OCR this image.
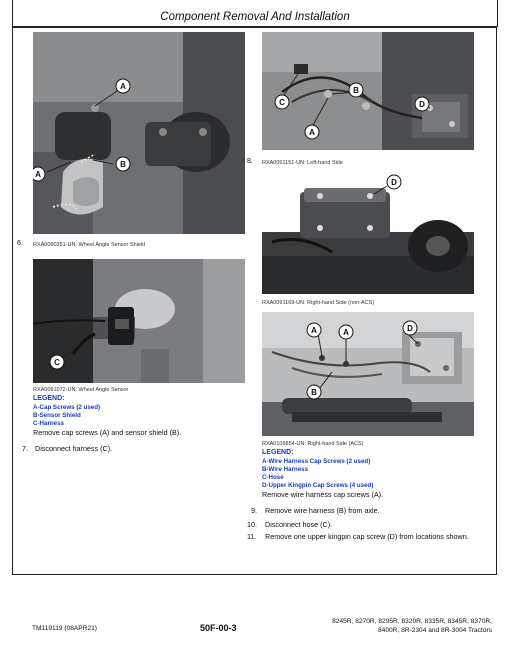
Component Removal And Installation
A
B
A
6. RXA0090351-UN: Wheel Angle Sensor Shield
C
RXA0091072-UN: Wheel Angle Sensor
LEGEND:
A-Cap Screws (2 used)
B-Sensor Shield
C-Harness
Remove cap screws (A) and sensor shield (B).
7. Disconnect harness (C).
C
B
A
D
8. RXA0091151-UN: Left-hand Side
D
RXA0091169-UN: Right-hand Side (non-ACS)
A	A	D
B
RXA0106854-UN: Right-hand Side (ACS)
LEGEND:
A-Wire Harness Cap Screws (2 used)
B-Wire Harness
C-Hose
D-Upper Kingpin Cap Screws (4 used)
Remove wire harness cap screws (A).
9. Remove wire harness (B) from axle.
10. Disconnect hose (C).
11. Remove one upper kingpin cap screw (D) from locations shown.
TM119119 (08APR21)	50F-00-3
8245R, 8270R, 8295R, 8320R, 8335R, 8345R, 8370R,
8400R, 8R-2304 and 8R-3004 Tractors
